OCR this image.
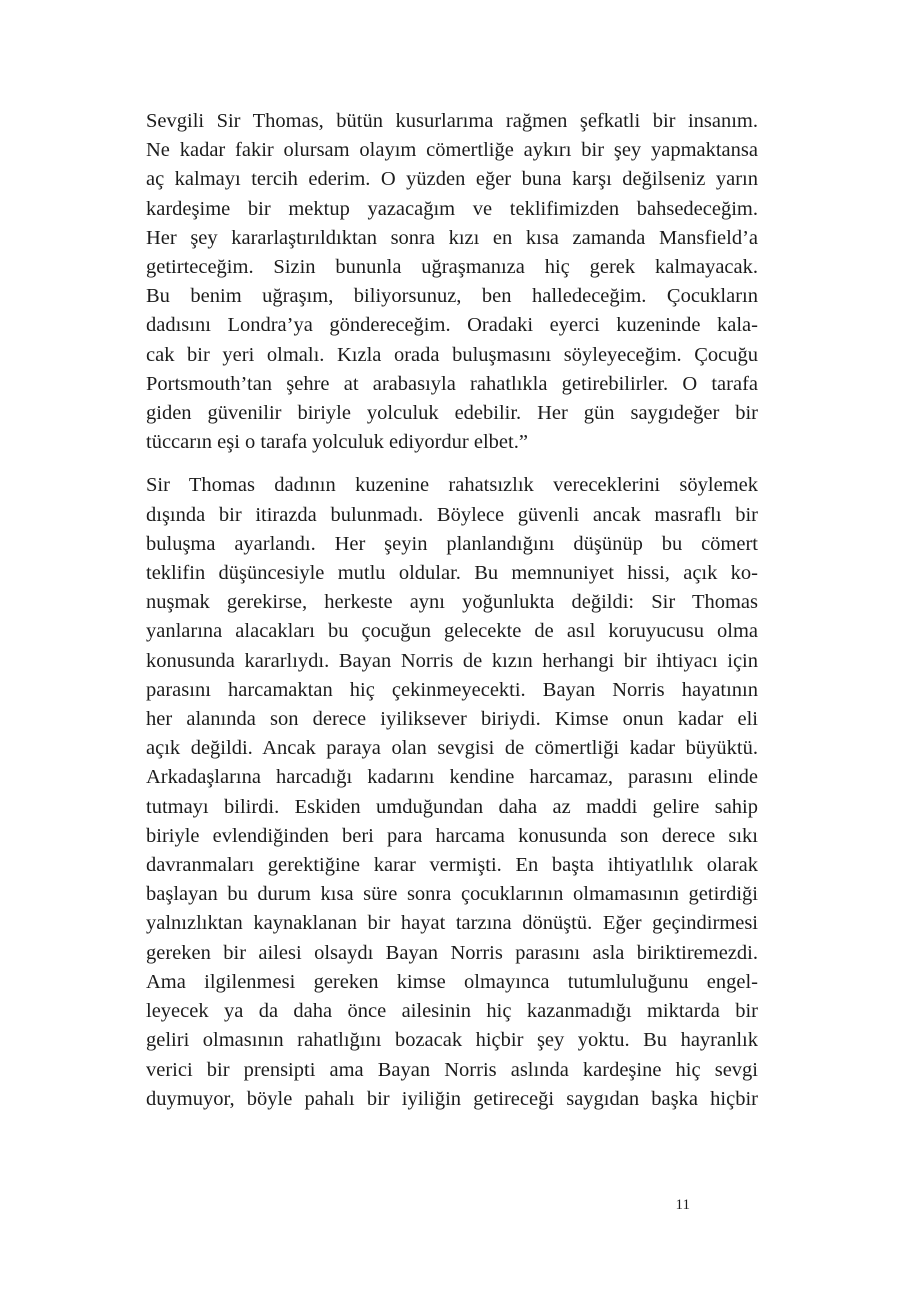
Sevgili Sir Thomas, bütün kusurlarıma rağmen şefkatli bir insanım.
Ne kadar fakir olursam olayım cömertliğe aykırı bir şey yapmaktansa
aç kalmayı tercih ederim. O yüzden eğer buna karşı değilseniz yarın
kardeşime bir mektup yazacağım ve teklifimizden bahsedeceğim.
Her şey kararlaştırıldıktan sonra kızı en kısa zamanda Mansfield’a
getirteceğim. Sizin bununla uğraşmanıza hiç gerek kalmayacak.
Bu benim uğraşım, biliyorsunuz, ben halledeceğim. Çocukların
dadısını Londra’ya göndereceğim. Oradaki eyerci kuzeninde kala-
cak bir yeri olmalı. Kızla orada buluşmasını söyleyeceğim. Çocuğu
Portsmouth’tan şehre at arabasıyla rahatlıkla getirebilirler. O tarafa
giden güvenilir biriyle yolculuk edebilir. Her gün saygıdeğer bir
tüccarın eşi o tarafa yolculuk ediyordur elbet.”

Sir Thomas dadının kuzenine rahatsızlık vereceklerini söylemek
dışında bir itirazda bulunmadı. Böylece güvenli ancak masraflı bir
buluşma ayarlandı. Her şeyin planlandığını düşünüp bu cömert
teklifin düşüncesiyle mutlu oldular. Bu memnuniyet hissi, açık ko-
nuşmak gerekirse, herkeste aynı yoğunlukta değildi: Sir Thomas
yanlarına alacakları bu çocuğun gelecekte de asıl koruyucusu olma
konusunda kararlıydı. Bayan Norris de kızın herhangi bir ihtiyacı için
parasını harcamaktan hiç çekinmeyecekti. Bayan Norris hayatının
her alanında son derece iyiliksever biriydi. Kimse onun kadar eli
açık değildi. Ancak paraya olan sevgisi de cömertliği kadar büyüktü.
Arkadaşlarına harcadığı kadarını kendine harcamaz, parasını elinde
tutmayı bilirdi. Eskiden umduğundan daha az maddi gelire sahip
biriyle evlendiğinden beri para harcama konusunda son derece sıkı
davranmaları gerektiğine karar vermişti. En başta ihtiyatlılık olarak
başlayan bu durum kısa süre sonra çocuklarının olmamasının getirdiği
yalnızlıktan kaynaklanan bir hayat tarzına dönüştü. Eğer geçindirmesi
gereken bir ailesi olsaydı Bayan Norris parasını asla biriktiremezdi.
Ama ilgilenmesi gereken kimse olmayınca tutumluluğunu engel-
leyecek ya da daha önce ailesinin hiç kazanmadığı miktarda bir
geliri olmasının rahatlığını bozacak hiçbir şey yoktu. Bu hayranlık
verici bir prensipti ama Bayan Norris aslında kardeşine hiç sevgi
duymuyor, böyle pahalı bir iyiliğin getireceği saygıdan başka hiçbir

11
